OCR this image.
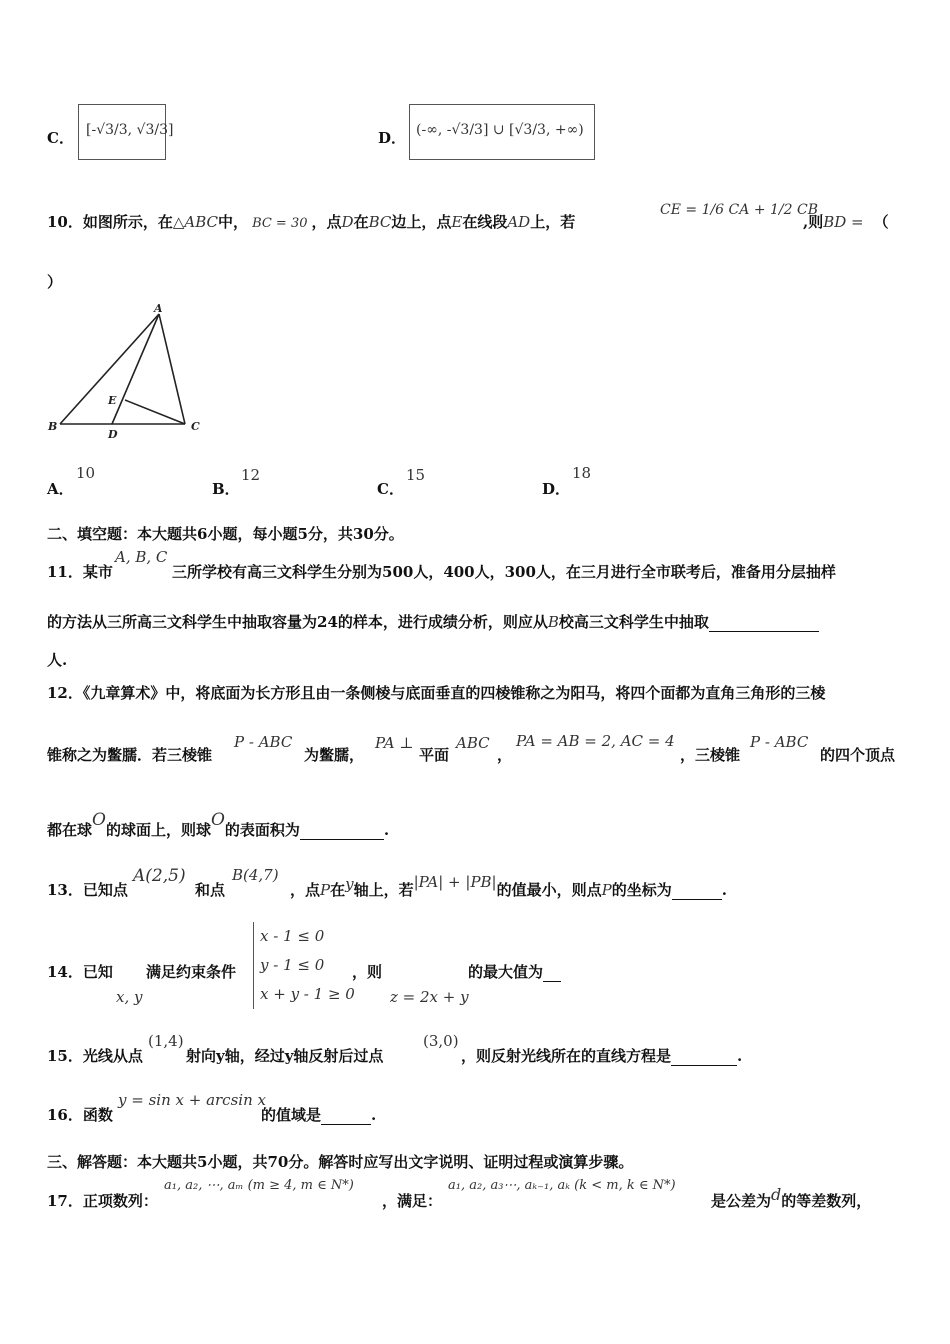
C． [-√3/3, √3/3]	D． (-∞, -√3/3] ∪ [√3/3, +∞)
10．如图所示，在△ABC中， BC = 30 ，点D在BC边上，点E在线段AD上，若
CE = 1/6 CA + 1/2 CB
,则BD = （
）
A
B	C
D
E
A．
10
B．
12
C．
15
D．
18
二、填空题：本大题共6小题，每小题5分，共30分。
11．某市
A, B, C
三所学校有高三文科学生分别为500人，400人，300人，在三月进行全市联考后，准备用分层抽样
的方法从三所高三文科学生中抽取容量为24的样本，进行成绩分析，则应从B校高三文科学生中抽取
人.
12．《九章算术》中，将底面为长方形且由一条侧棱与底面垂直的四棱锥称之为阳马，将四个面都为直角三角形的三棱
锥称之为鳖臑．若三棱锥
P - ABC
为鳖臑，
PA ⊥
平面
ABC
，
PA = AB = 2, AC = 4
，三棱锥
P - ABC
的四个顶点
都在球O的球面上，则球O的表面积为	.
13．已知点
A(2,5)
和点
B(4,7)
，点P在y轴上，若|PA| + |PB|的值最小，则点P的坐标为	.
14．已知
x, y
满足约束条件
x - 1 ≤ 0
y - 1 ≤ 0
x + y - 1 ≥ 0
，则
z = 2x + y
的最大值为
15．光线从点
(1,4)
射向y轴，经过y轴反射后过点
(3,0)
，则反射光线所在的直线方程是	.
16．函数
y = sin x + arcsin x
的值域是	.
三、解答题：本大题共5小题，共70分。解答时应写出文字说明、证明过程或演算步骤。
17．正项数列：
a₁, a₂, ⋯, aₘ (m ≥ 4, m ∈ N*)
，满足：
a₁, a₂, a₃⋯, aₖ₋₁, aₖ (k < m, k ∈ N*)
是公差为d的等差数列，
